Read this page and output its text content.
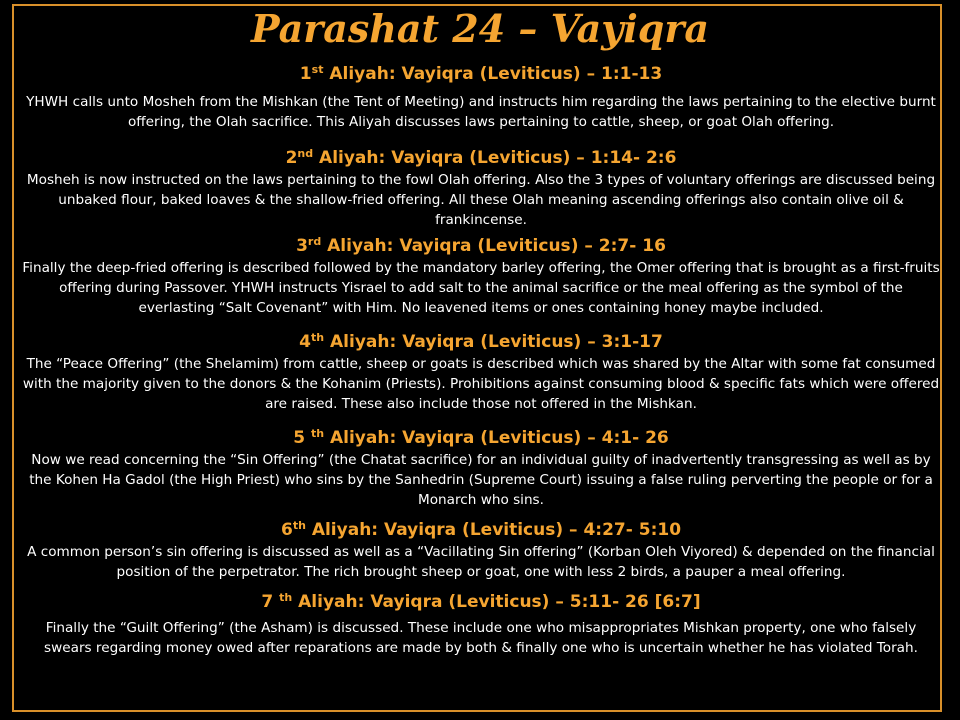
Parashat 24 – Vayiqra
1st Aliyah: Vayiqra (Leviticus) – 1:1-13
YHWH calls unto Mosheh from the Mishkan (the Tent of Meeting) and instructs him regarding the laws pertaining to the elective burnt offering, the Olah sacrifice. This Aliyah discusses laws pertaining to cattle, sheep, or goat Olah offering.
2nd Aliyah: Vayiqra (Leviticus) – 1:14- 2:6
Mosheh is now instructed on the laws pertaining to the fowl Olah offering. Also the 3 types of voluntary offerings are discussed being unbaked flour, baked loaves & the shallow-fried offering. All these Olah meaning ascending offerings also contain olive oil & frankincense.
3rd Aliyah: Vayiqra (Leviticus) – 2:7- 16
Finally the deep-fried offering is described followed by the mandatory barley offering, the Omer offering that is brought as a first-fruits offering during Passover. YHWH instructs Yisrael to add salt to the animal sacrifice or the meal offering as the symbol of the everlasting “Salt Covenant” with Him. No leavened items or ones containing honey maybe included.
4th Aliyah: Vayiqra (Leviticus) – 3:1-17
The “Peace Offering” (the Shelamim) from cattle, sheep or goats is described which was shared by the Altar with some fat consumed with the majority given to the donors & the Kohanim (Priests). Prohibitions against consuming blood & specific fats which were offered are raised. These also include those not offered in the Mishkan.
5 $^{th}$ Aliyah: Vayiqra (Leviticus) – 4:1- 26
Now we read concerning the “Sin Offering” (the Chatat sacrifice) for an individual guilty of inadvertently transgressing as well as by the Kohen Ha Gadol (the High Priest) who sins by the Sanhedrin (Supreme Court) issuing a false ruling perverting the people or for a Monarch who sins.
6th Aliyah: Vayiqra (Leviticus) – 4:27- 5:10
A common person’s sin offering is discussed as well as a “Vacillating Sin offering” (Korban Oleh Viyored) & depended on the financial position of the perpetrator. The rich brought sheep or goat, one with less 2 birds, a pauper a meal offering.
7 $^{th}$ Aliyah: Vayiqra (Leviticus) – 5:11- 26 [6:7]
Finally the “Guilt Offering” (the Asham) is discussed. These include one who misappropriates Mishkan property, one who falsely swears regarding money owed after reparations are made by both & finally one who is uncertain whether he has violated Torah.
